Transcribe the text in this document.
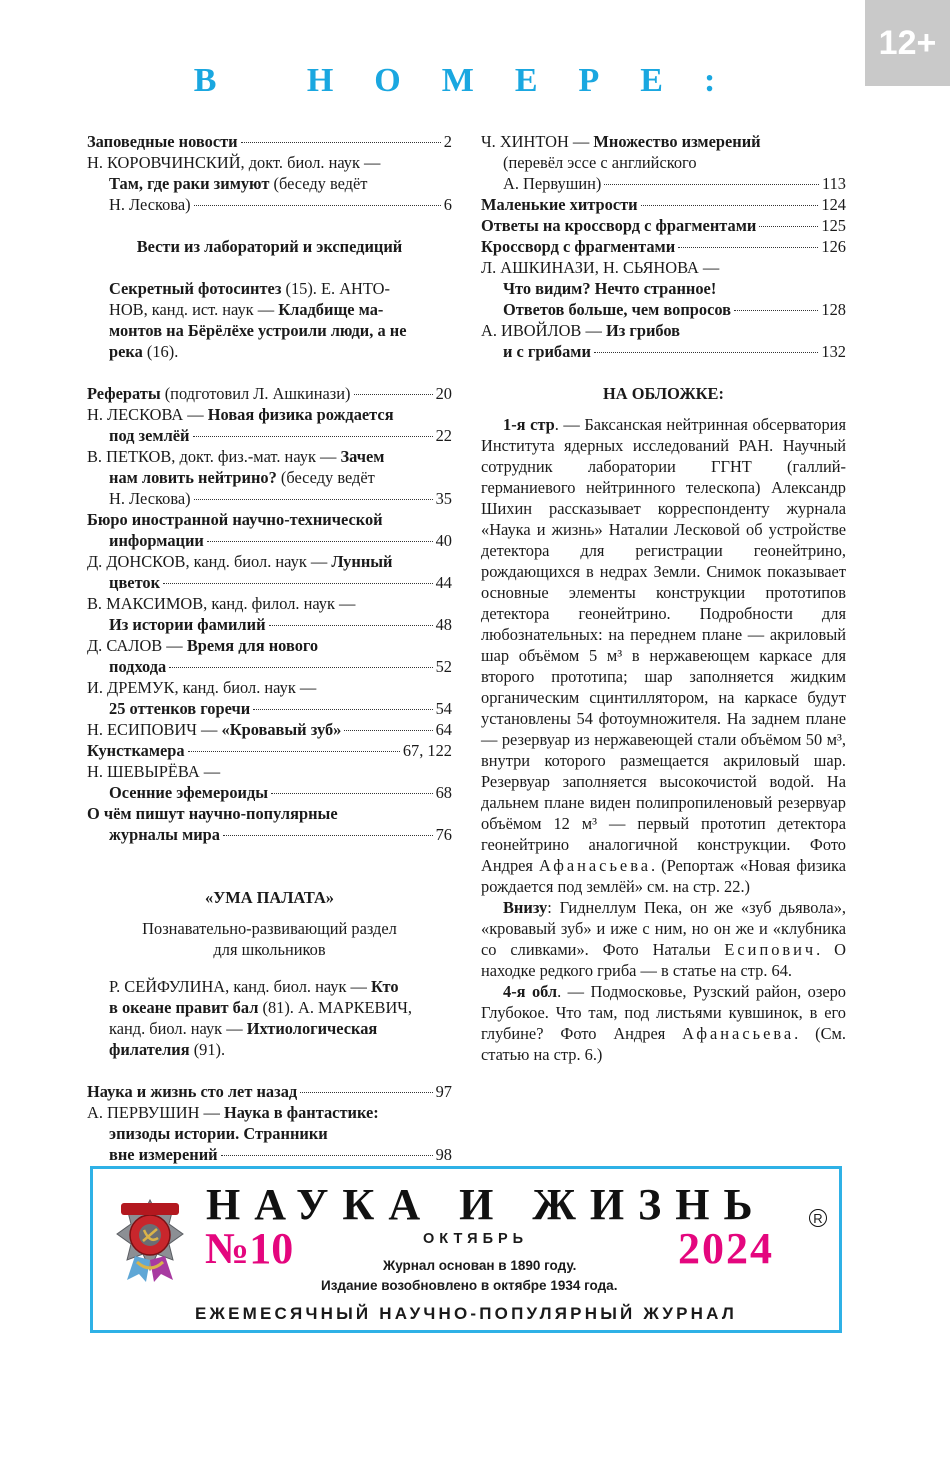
12+
В НОМЕРЕ:
Заповедные новости	2
Н. КОРОВЧИНСКИЙ, докт. биол. наук —
Там, где раки зимуют (беседу ведёт
Н. Лескова)	6
Вести из лабораторий и экспедиций
Секретный фотосинтез (15). Е. АНТО-
НОВ, канд. ист. наук — Кладбище ма-
монтов на Бёрёлёхе устроили люди, а не
река (16).
Рефераты (подготовил Л. Ашкинази)	20
Н. ЛЕСКОВА — Новая физика рождается
под землёй	22
В. ПЕТКОВ, докт. физ.-мат. наук — Зачем
нам ловить нейтрино? (беседу ведёт
Н. Лескова)	35
Бюро иностранной научно-технической
информации	40
Д. ДОНСКОВ, канд. биол. наук — Лунный
цветок	44
В. МАКСИМОВ, канд. филол. наук —
Из истории фамилий	48
Д. САЛОВ — Время для нового
подхода	52
И. ДРЕМУК, канд. биол. наук —
25 оттенков горечи	54
Н. ЕСИПОВИЧ — «Кровавый зуб»	64
Кунсткамера	67, 122
Н. ШЕВЫРЁВА —
Осенние эфемероиды	68
О чём пишут научно-популярные
журналы мира	76
«УМА ПАЛАТА»
Познавательно-развивающий раздел
для школьников
Р. СЕЙФУЛИНА, канд. биол. наук — Кто
в океане правит бал (81). А. МАРКЕВИЧ,
канд. биол. наук — Ихтиологическая
филателия (91).
Наука и жизнь сто лет назад	97
А. ПЕРВУШИН — Наука в фантастике:
эпизоды истории. Странники
вне измерений	98
Ч. ХИНТОН — Множество измерений
(перевёл эссе с английского
А. Первушин)	113
Маленькие хитрости	124
Ответы на кроссворд с фрагментами	125
Кроссворд с фрагментами	126
Л. АШКИНАЗИ, Н. СЬЯНОВА —
Что видим? Нечто странное!
Ответов больше, чем вопросов	128
А. ИВОЙЛОВ — Из грибов
и с грибами	132
НА ОБЛОЖКЕ:

1-я стр. — Баксанская нейтринная обсерватория Института ядерных исследований РАН. Научный сотрудник лаборатории ГГНТ (галлий-германиевого нейтринного телескопа) Александр Шихин рассказывает корреспонденту журнала «Наука и жизнь» Наталии Лесковой об устройстве детектора для регистрации геонейтрино, рождающихся в недрах Земли. Снимок показывает основные элементы конструкции прототипов детектора геонейтрино. Подробности для любознательных: на переднем плане — акриловый шар объёмом 5 м³ в нержавеющем каркасе для второго прототипа; шар заполняется жидким органическим сцинтиллятором, на каркасе будут установлены 54 фотоумножителя. На заднем плане — резервуар из нержавеющей стали объёмом 50 м³, внутри которого размещается акриловый шар. Резервуар заполняется высокочистой водой. На дальнем плане виден полипропиленовый резервуар объёмом 12 м³ — первый прототип детектора геонейтрино аналогичной конструкции. Фото Андрея Афанасьева. (Репортаж «Новая физика рождается под землёй» см. на стр. 22.)

Внизу: Гиднеллум Пека, он же «зуб дьявола», «кровавый зуб» и иже с ним, но он же и «клубника со сливками». Фото Натальи Есипович. О находке редкого гриба — в статье на стр. 64.

4-я обл. — Подмосковье, Рузский район, озеро Глубокое. Что там, под листьями кувшинок, в его глубине? Фото Андрея Афанасьева. (См. статью на стр. 6.)

НАУКА И ЖИЗНЬ	R
№10	ОКТЯБРЬ	2024
Журнал основан в 1890 году.
Издание возобновлено в октябре 1934 года.
ЕЖЕМЕСЯЧНЫЙ НАУЧНО-ПОПУЛЯРНЫЙ ЖУРНАЛ
